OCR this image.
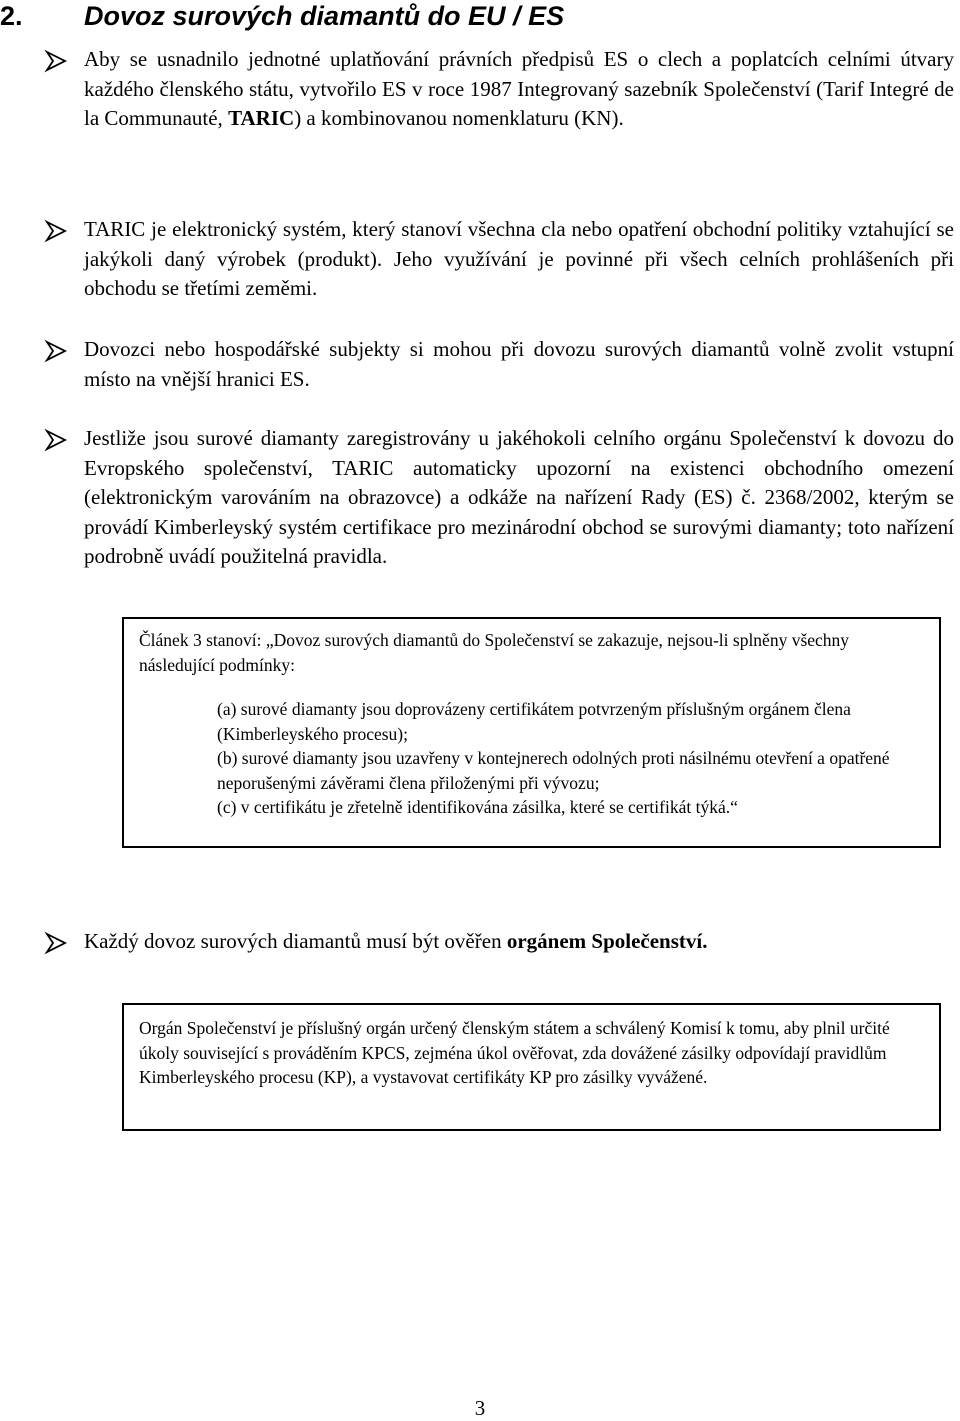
2. Dovoz surových diamantů do EU / ES
Aby se usnadnilo jednotné uplatňování právních předpisů ES o clech a poplatcích celními útvary každého členského státu, vytvořilo ES v roce 1987 Integrovaný sazebník Společenství (Tarif Integré de la Communauté, TARIC) a kombinovanou nomenklaturu (KN).
TARIC je elektronický systém, který stanoví všechna cla nebo opatření obchodní politiky vztahující se jakýkoli daný výrobek (produkt). Jeho využívání je povinné při všech celních prohlášeních při obchodu se třetími zeměmi.
Dovozci nebo hospodářské subjekty si mohou při dovozu surových diamantů volně zvolit vstupní místo na vnější hranici ES.
Jestliže jsou surové diamanty zaregistrovány u jakéhokoli celního orgánu Společenství k dovozu do Evropského společenství, TARIC automaticky upozorní na existenci obchodního omezení (elektronickým varováním na obrazovce) a odkáže na nařízení Rady (ES) č. 2368/2002, kterým se provádí Kimberleyský systém certifikace pro mezinárodní obchod se surovými diamanty; toto nařízení podrobně uvádí použitelná pravidla.

Článek 3 stanoví: „Dovoz surových diamantů do Společenství se zakazuje, nejsou-li splněny všechny následující podmínky:

(a) surové diamanty jsou doprovázeny certifikátem potvrzeným příslušným orgánem člena (Kimberleyského procesu);

(b) surové diamanty jsou uzavřeny v kontejnerech odolných proti násilnému otevření a opatřené neporušenými závěrami člena přiloženými při vývozu;

(c) v certifikátu je zřetelně identifikována zásilka, které se certifikát týká.“

Každý dovoz surových diamantů musí být ověřen orgánem Společenství.

Orgán Společenství je příslušný orgán určený členským státem a schválený Komisí k tomu, aby plnil určité úkoly související s prováděním KPCS, zejména úkol ověřovat, zda dovážené zásilky odpovídají pravidlům Kimberleyského procesu (KP), a vystavovat certifikáty KP pro zásilky vyvážené.

3
